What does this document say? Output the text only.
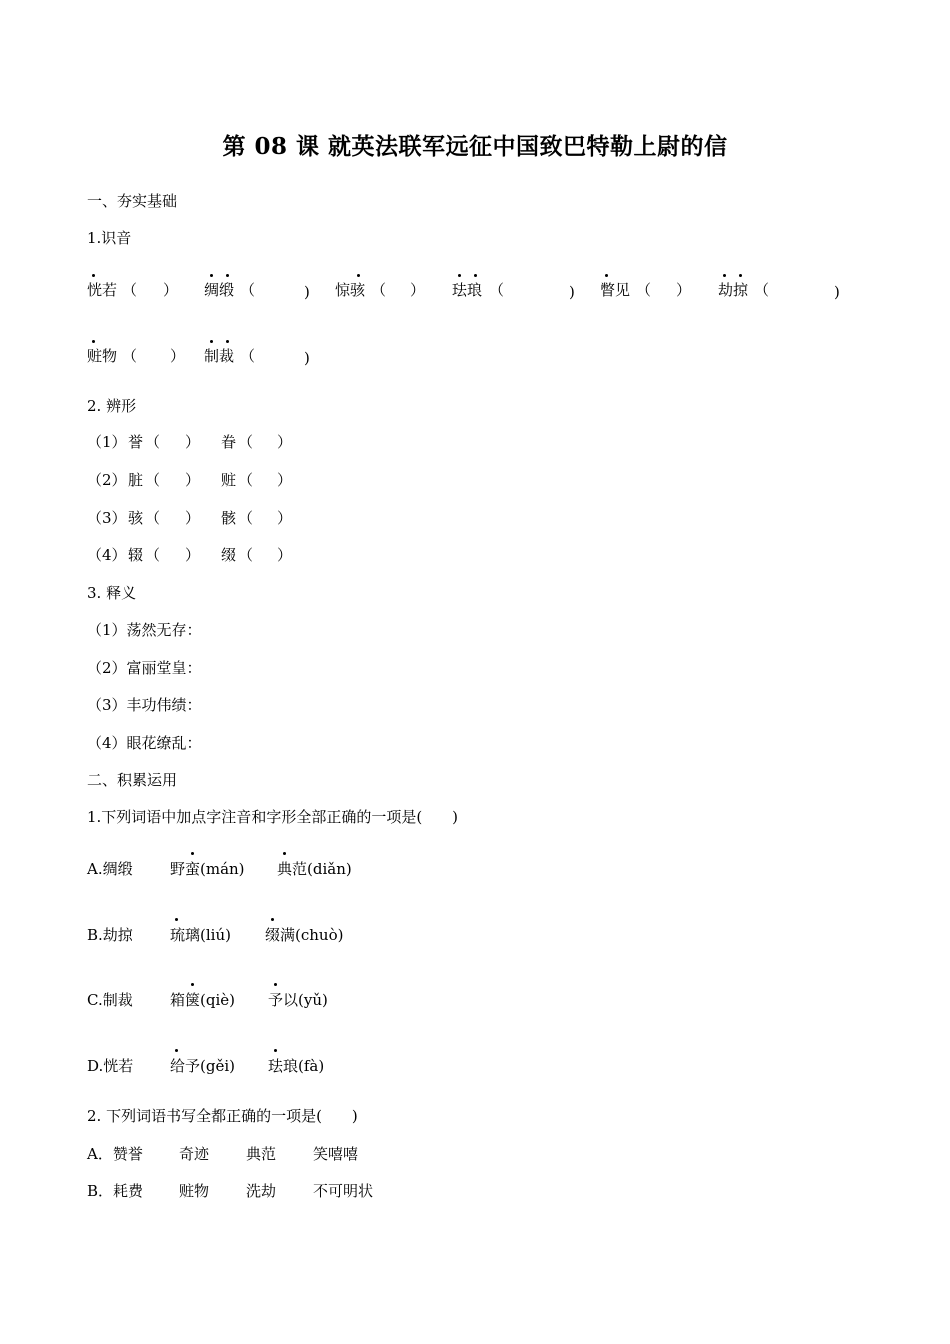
第 08 课 就英法联军远征中国致巴特勒上尉的信
一、夯实基础
1.识音
恍若 （ ） 绸缎 （	) 惊骇 （ ） 珐琅 （	) 瞥见 （ ） 劫掠 （	)
赃物 （ ） 制裁 （	)
2. 辨形
（1） 誉 （ ） 眷 （ ）
（2） 脏 （ ） 赃 （ ）
（3） 骇 （ ） 骸 （ ）
（4） 辍 （ ） 缀 （ ）
3. 释义
（1）荡然无存：
（2）富丽堂皇：
（3）丰功伟绩：
（4）眼花缭乱：
二、积累运用
1.下列词语中加点字注音和字形全部正确的一项是(　　)
A.绸缎 野蛮(mán) 典范(diǎn)
B.劫掠 琉璃(liú) 缀满(chuò)
C.制裁 箱箧(qiè) 予以(yǔ)
D.恍若 给予(gěi) 珐琅(fà)
2. 下列词语书写全都正确的一项是(　　)
A．赞誉 奇迹 典范 笑嘻嘻
B．耗费 赃物 洗劫 不可明状
